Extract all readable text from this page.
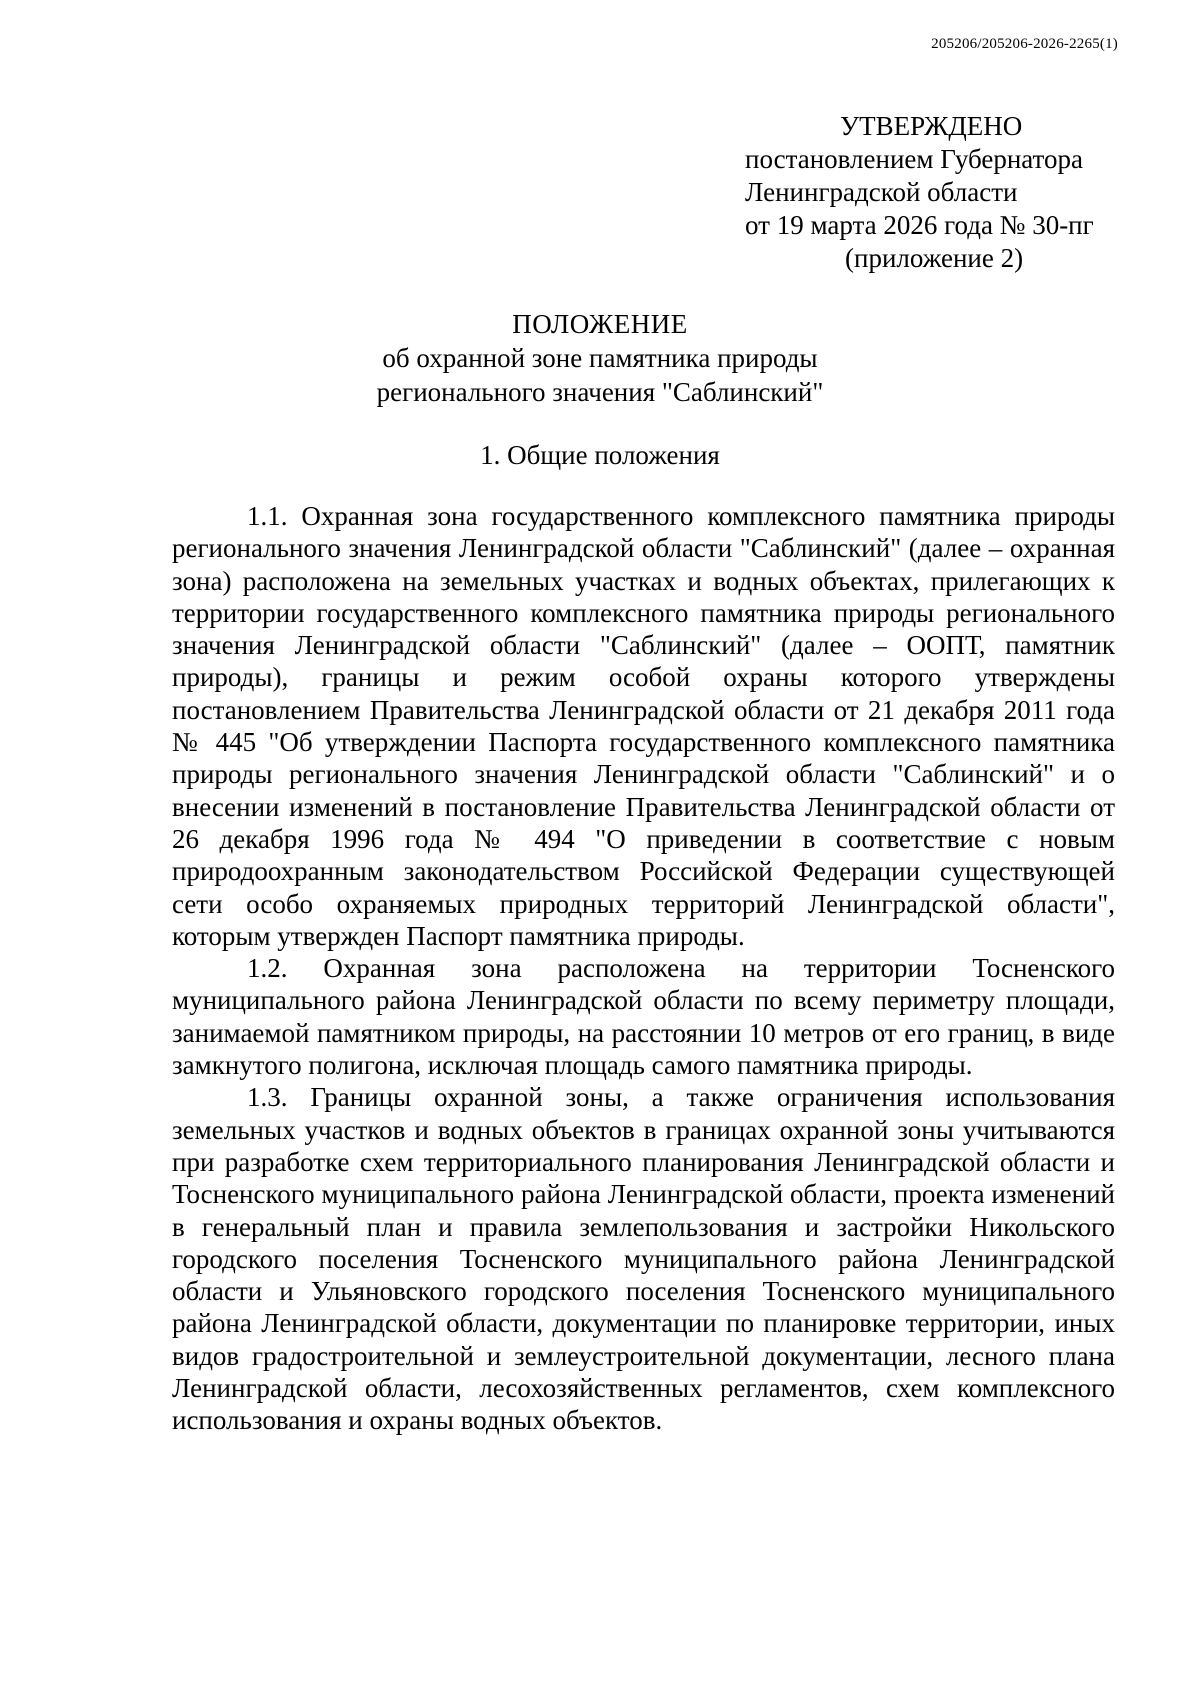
205206/205206-2026-2265(1)
УТВЕРЖДЕНО
постановлением Губернатора
Ленинградской области
от 19 марта 2026 года № 30-пг
(приложение 2)
ПОЛОЖЕНИЕ
об охранной зоне памятника природы
регионального значения "Саблинский"
1. Общие положения

1.1. Охранная зона государственного комплексного памятника природы регионального значения Ленинградской области "Саблинский" (далее – охранная зона) расположена на земельных участках и водных объектах, прилегающих к территории государственного комплексного памятника природы регионального значения Ленинградской области "Саблинский" (далее – ООПТ, памятник природы), границы и режим особой охраны которого утверждены постановлением Правительства Ленинградской области от 21 декабря 2011 года № 445 "Об утверждении Паспорта государственного комплексного памятника природы регионального значения Ленинградской области "Саблинский" и о внесении изменений в постановление Правительства Ленинградской области от 26 декабря 1996 года № 494 "О приведении в соответствие с новым природоохранным законодательством Российской Федерации существующей сети особо охраняемых природных территорий Ленинградской области", которым утвержден Паспорт памятника природы.

1.2. Охранная зона расположена на территории Тосненского муниципального района Ленинградской области по всему периметру площади, занимаемой памятником природы, на расстоянии 10 метров от его границ, в виде замкнутого полигона, исключая площадь самого памятника природы.

1.3. Границы охранной зоны, а также ограничения использования земельных участков и водных объектов в границах охранной зоны учитываются при разработке схем территориального планирования Ленинградской области и Тосненского муниципального района Ленинградской области, проекта изменений в генеральный план и правила землепользования и застройки Никольского городского поселения Тосненского муниципального района Ленинградской области и Ульяновского городского поселения Тосненского муниципального района Ленинградской области, документации по планировке территории, иных видов градостроительной и землеустроительной документации, лесного плана Ленинградской области, лесохозяйственных регламентов, схем комплексного использования и охраны водных объектов.
